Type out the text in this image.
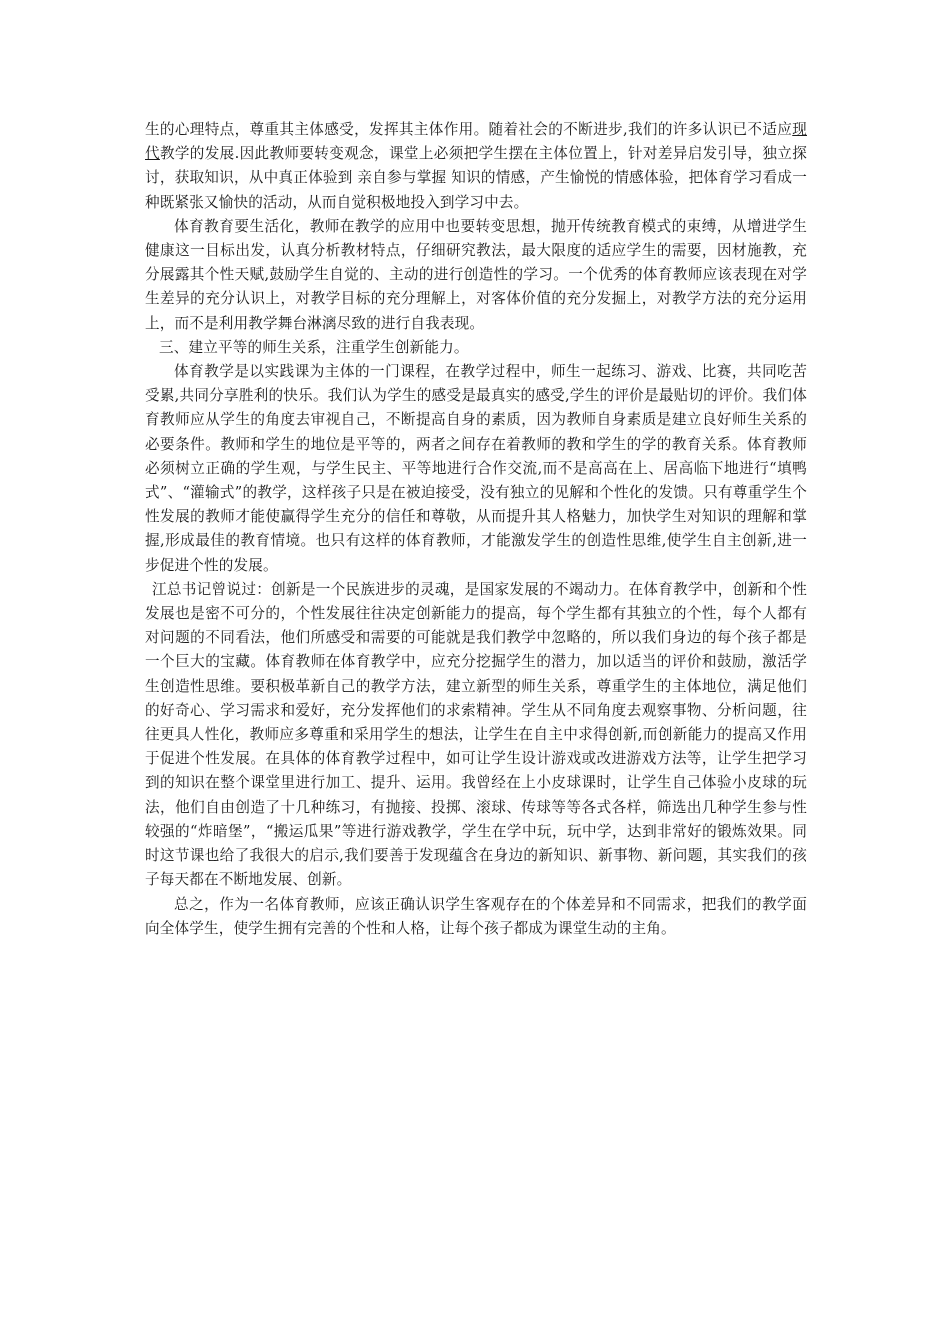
生的心理特点，尊重其主体感受，发挥其主体作用。随着社会的不断进步,我们的许多认识已不适应现代教学的发展.因此教师要转变观念，课堂上必须把学生摆在主体位置上，针对差异启发引导，独立探讨，获取知识，从中真正体验到 亲自参与掌握 知识的情感，产生愉悦的情感体验，把体育学习看成一种既紧张又愉快的活动，从而自觉积极地投入到学习中去。

体育教育要生活化，教师在教学的应用中也要转变思想，抛开传统教育模式的束缚，从增进学生健康这一目标出发，认真分析教材特点，仔细研究教法，最大限度的适应学生的需要，因材施教，充分展露其个性天赋,鼓励学生自觉的、主动的进行创造性的学习。一个优秀的体育教师应该表现在对学生差异的充分认识上，对教学目标的充分理解上，对客体价值的充分发掘上，对教学方法的充分运用上，而不是利用教学舞台淋漓尽致的进行自我表现。

三、建立平等的师生关系，注重学生创新能力。

体育教学是以实践课为主体的一门课程，在教学过程中，师生一起练习、游戏、比赛，共同吃苦受累,共同分享胜利的快乐。我们认为学生的感受是最真实的感受,学生的评价是最贴切的评价。我们体育教师应从学生的角度去审视自己，不断提高自身的素质，因为教师自身素质是建立良好师生关系的必要条件。教师和学生的地位是平等的，两者之间存在着教师的教和学生的学的教育关系。体育教师必须树立正确的学生观，与学生民主、平等地进行合作交流,而不是高高在上、居高临下地进行“填鸭式”、“灌输式”的教学，这样孩子只是在被迫接受，没有独立的见解和个性化的发馈。只有尊重学生个性发展的教师才能使赢得学生充分的信任和尊敬，从而提升其人格魅力，加快学生对知识的理解和掌握,形成最佳的教育情境。也只有这样的体育教师，才能激发学生的创造性思维,使学生自主创新,进一步促进个性的发展。

江总书记曾说过：创新是一个民族进步的灵魂，是国家发展的不竭动力。在体育教学中，创新和个性发展也是密不可分的，个性发展往往决定创新能力的提高，每个学生都有其独立的个性，每个人都有对问题的不同看法，他们所感受和需要的可能就是我们教学中忽略的，所以我们身边的每个孩子都是一个巨大的宝藏。体育教师在体育教学中，应充分挖掘学生的潜力，加以适当的评价和鼓励，激活学生创造性思维。要积极革新自己的教学方法，建立新型的师生关系，尊重学生的主体地位，满足他们的好奇心、学习需求和爱好，充分发挥他们的求索精神。学生从不同角度去观察事物、分析问题，往往更具人性化，教师应多尊重和采用学生的想法，让学生在自主中求得创新,而创新能力的提高又作用于促进个性发展。在具体的体育教学过程中，如可让学生设计游戏或改进游戏方法等，让学生把学习到的知识在整个课堂里进行加工、提升、运用。我曾经在上小皮球课时，让学生自己体验小皮球的玩法，他们自由创造了十几种练习，有抛接、投掷、滚球、传球等等各式各样，筛选出几种学生参与性较强的“炸暗堡”，“搬运瓜果”等进行游戏教学，学生在学中玩，玩中学，达到非常好的锻炼效果。同时这节课也给了我很大的启示,我们要善于发现蕴含在身边的新知识、新事物、新问题，其实我们的孩子每天都在不断地发展、创新。

总之，作为一名体育教师，应该正确认识学生客观存在的个体差异和不同需求，把我们的教学面向全体学生，使学生拥有完善的个性和人格，让每个孩子都成为课堂生动的主角。
